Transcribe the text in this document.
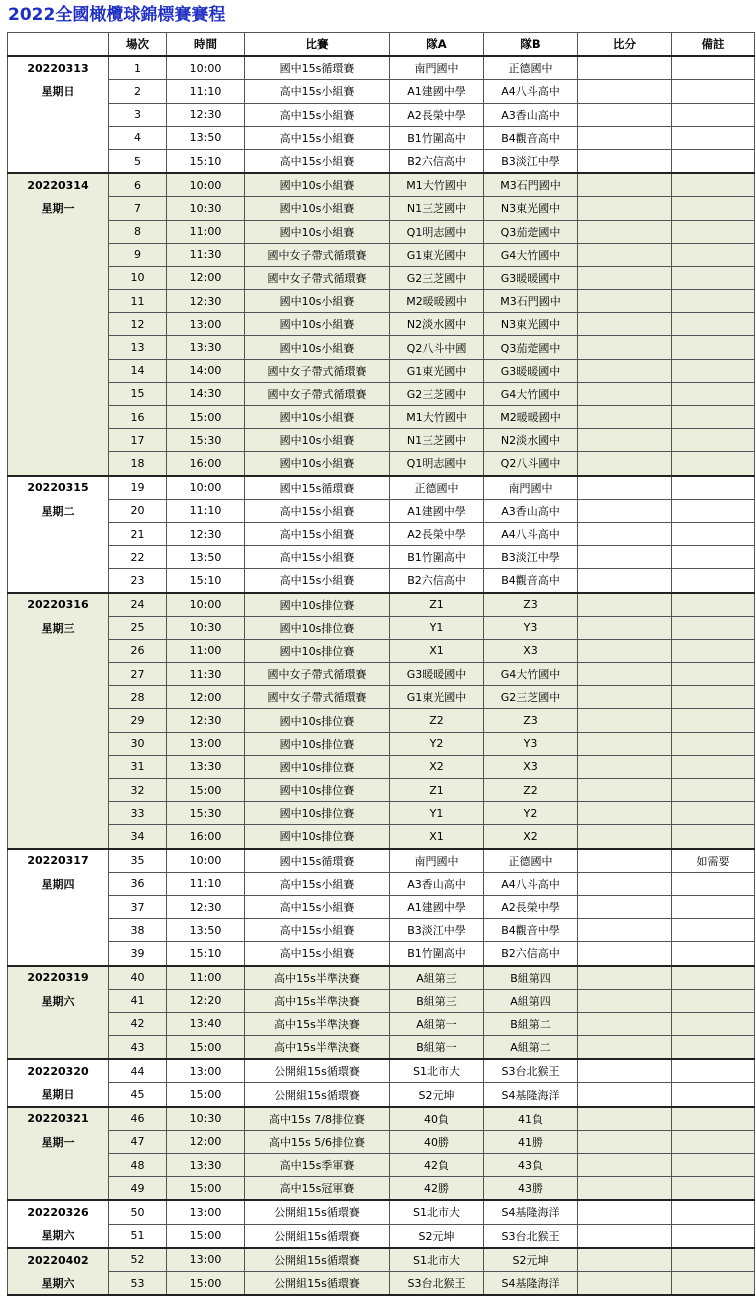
2022全國橄欖球錦標賽賽程
	場次	時間	比賽	隊A	隊B	比分	備註
20220313	1	10:00	國中15s循環賽	南門國中	正德國中		
星期日	2	11:10	高中15s小組賽	A1建國中學	A4八斗高中		
	3	12:30	高中15s小組賽	A2長榮中學	A3香山高中		
	4	13:50	高中15s小組賽	B1竹圍高中	B4觀音高中		
	5	15:10	高中15s小組賽	B2六信高中	B3淡江中學		
20220314	6	10:00	國中10s小組賽	M1大竹國中	M3石門國中		
星期一	7	10:30	國中10s小組賽	N1三芝國中	N3東光國中		
	8	11:00	國中10s小組賽	Q1明志國中	Q3茄萣國中		
	9	11:30	國中女子帶式循環賽	G1東光國中	G4大竹國中		
	10	12:00	國中女子帶式循環賽	G2三芝國中	G3暖暖國中		
	11	12:30	國中10s小組賽	M2暖暖國中	M3石門國中		
	12	13:00	國中10s小組賽	N2淡水國中	N3東光國中		
	13	13:30	國中10s小組賽	Q2八斗中國	Q3茄萣國中		
	14	14:00	國中女子帶式循環賽	G1東光國中	G3暖暖國中		
	15	14:30	國中女子帶式循環賽	G2三芝國中	G4大竹國中		
	16	15:00	國中10s小組賽	M1大竹國中	M2暖暖國中		
	17	15:30	國中10s小組賽	N1三芝國中	N2淡水國中		
	18	16:00	國中10s小組賽	Q1明志國中	Q2八斗國中		
20220315	19	10:00	國中15s循環賽	正德國中	南門國中		
星期二	20	11:10	高中15s小組賽	A1建國中學	A3香山高中		
	21	12:30	高中15s小組賽	A2長榮中學	A4八斗高中		
	22	13:50	高中15s小組賽	B1竹圍高中	B3淡江中學		
	23	15:10	高中15s小組賽	B2六信高中	B4觀音高中		
20220316	24	10:00	國中10s排位賽	Z1	Z3		
星期三	25	10:30	國中10s排位賽	Y1	Y3		
	26	11:00	國中10s排位賽	X1	X3		
	27	11:30	國中女子帶式循環賽	G3暖暖國中	G4大竹國中		
	28	12:00	國中女子帶式循環賽	G1東光國中	G2三芝國中		
	29	12:30	國中10s排位賽	Z2	Z3		
	30	13:00	國中10s排位賽	Y2	Y3		
	31	13:30	國中10s排位賽	X2	X3		
	32	15:00	國中10s排位賽	Z1	Z2		
	33	15:30	國中10s排位賽	Y1	Y2		
	34	16:00	國中10s排位賽	X1	X2		
20220317	35	10:00	國中15s循環賽	南門國中	正德國中		如需要
星期四	36	11:10	高中15s小組賽	A3香山高中	A4八斗高中		
	37	12:30	高中15s小組賽	A1建國中學	A2長榮中學		
	38	13:50	高中15s小組賽	B3淡江中學	B4觀音中學		
	39	15:10	高中15s小組賽	B1竹圍高中	B2六信高中		
20220319	40	11:00	高中15s半準決賽	A組第三	B組第四		
星期六	41	12:20	高中15s半準決賽	B組第三	A組第四		
	42	13:40	高中15s半準決賽	A組第一	B組第二		
	43	15:00	高中15s半準決賽	B組第一	A組第二		
20220320	44	13:00	公開組15s循環賽	S1北市大	S3台北猴王		
星期日	45	15:00	公開組15s循環賽	S2元坤	S4基隆海洋		
20220321	46	10:30	高中15s 7/8排位賽	40負	41負		
星期一	47	12:00	高中15s 5/6排位賽	40勝	41勝		
	48	13:30	高中15s季軍賽	42負	43負		
	49	15:00	高中15s冠軍賽	42勝	43勝		
20220326	50	13:00	公開組15s循環賽	S1北市大	S4基隆海洋		
星期六	51	15:00	公開組15s循環賽	S2元坤	S3台北猴王		
20220402	52	13:00	公開組15s循環賽	S1北市大	S2元坤		
星期六	53	15:00	公開組15s循環賽	S3台北猴王	S4基隆海洋		
